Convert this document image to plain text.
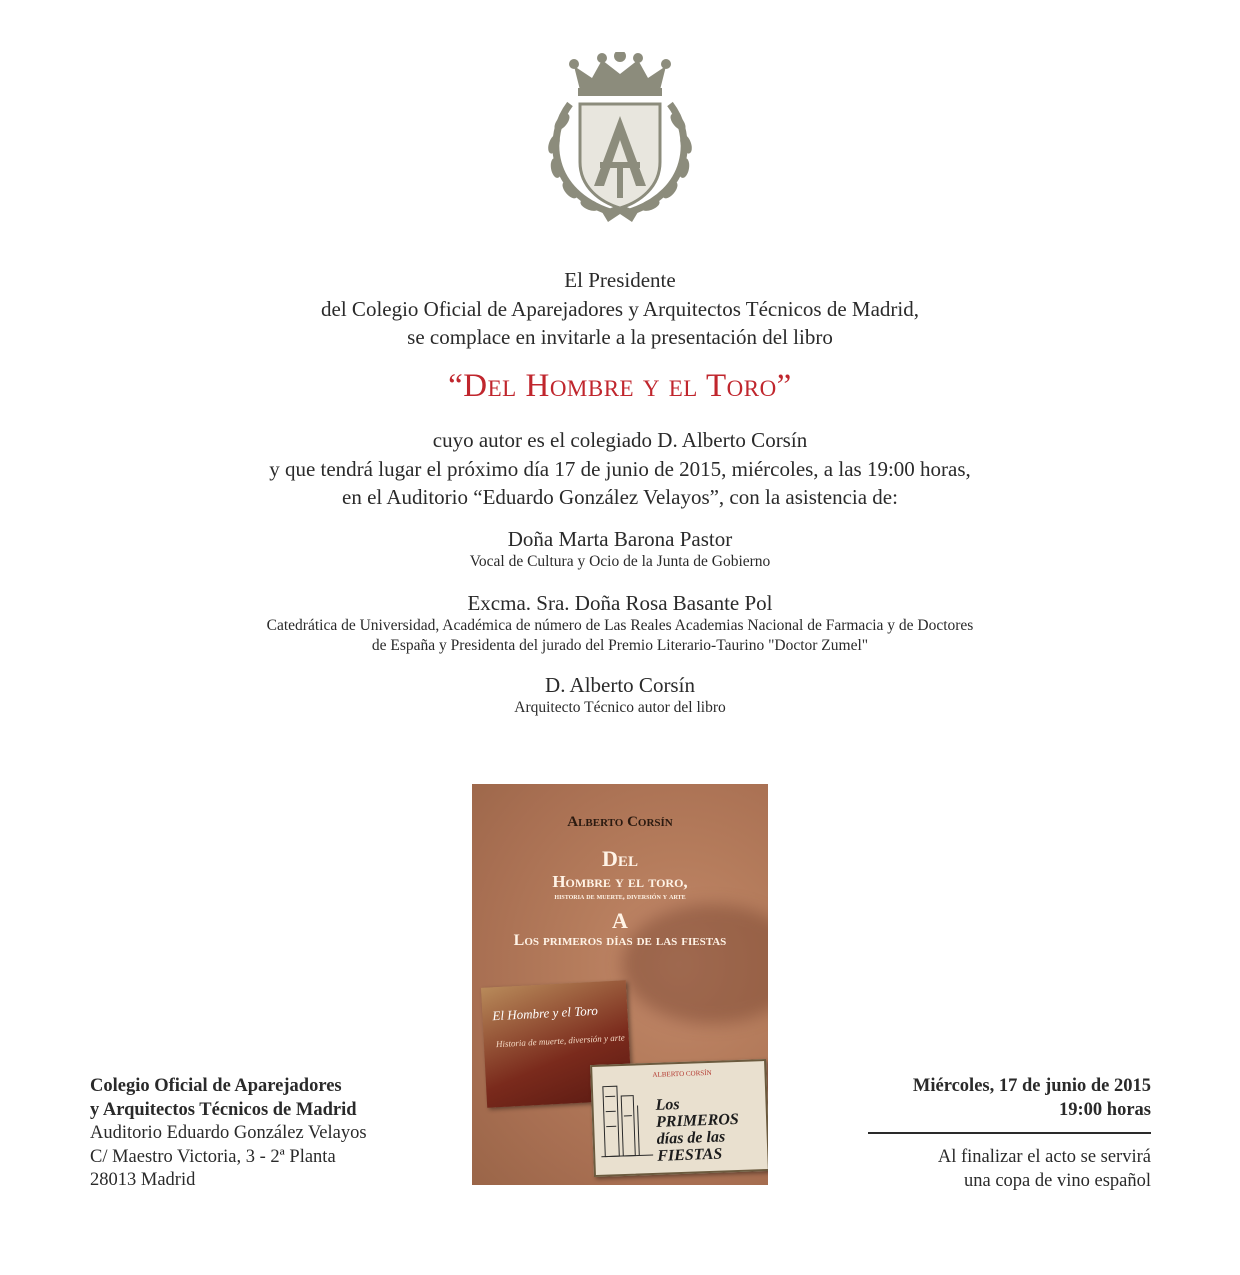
El Presidente
del Colegio Oficial de Aparejadores y Arquitectos Técnicos de Madrid,
se complace en invitarle a la presentación del libro
“Del Hombre y el Toro”
cuyo autor es el colegiado D. Alberto Corsín
y que tendrá lugar el próximo día 17 de junio de 2015, miércoles, a las 19:00 horas,
en el Auditorio “Eduardo González Velayos”, con la asistencia de:
Doña Marta Barona Pastor
Vocal de Cultura y Ocio de la Junta de Gobierno
Excma. Sra. Doña Rosa Basante Pol
Catedrática de Universidad, Académica de número de Las Reales Academias Nacional de Farmacia y de Doctores
de España y Presidenta del jurado del Premio Literario-Taurino "Doctor Zumel"
D. Alberto Corsín
Arquitecto Técnico autor del libro
Alberto Corsín
Del
Hombre y el toro,
historia de muerte, diversión y arte
A
Los primeros días de las fiestas
El Hombre y el Toro
Historia de muerte, diversión y arte
ALBERTO CORSÍN
Los PRIMEROS días de las FIESTAS
Colegio Oficial de Aparejadores
y Arquitectos Técnicos de Madrid
Auditorio Eduardo González Velayos
C/ Maestro Victoria, 3 - 2ª Planta
28013 Madrid
Miércoles, 17 de junio de 2015
19:00 horas
Al finalizar el acto se servirá
una copa de vino español
